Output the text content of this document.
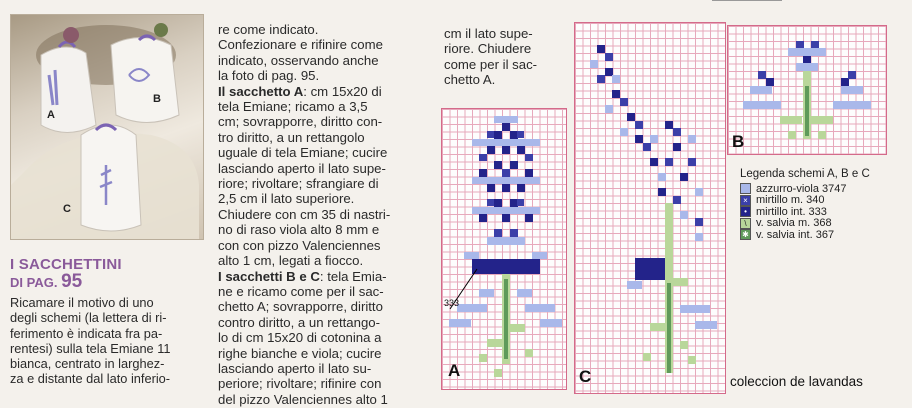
A
B
C
I SACCHETTINI
DI PAG. 95
Ricamare il motivo di uno
degli schemi (la lettera di ri-
ferimento è indicata fra pa-
rentesi) sulla tela Emiane 11
bianca, centrato in larghez-
za e distante dal lato inferio-
re come indicato.
Confezionare e rifinire come
indicato, osservando anche
la foto di pag. 95.
Il sacchetto A: cm 15x20 di
tela Emiane; ricamo a 3,5
cm; sovrapporre, diritto con-
tro diritto, a un rettangolo
uguale di tela Emiane; cucire
lasciando aperto il lato supe-
riore; rivoltare; sfrangiare di
2,5 cm il lato superiore.
Chiudere con cm 35 di nastri-
no di raso viola alto 8 mm e
con con pizzo Valenciennes
alto 1 cm, legati a fiocco.
I sacchetti B e C: tela Emia-
ne e ricamo come per il sac-
chetto A; sovrapporre, diritto
contro diritto, a un rettango-
lo di cm 15x20 di cotonina a
righe bianche e viola; cucire
lasciando aperto il lato su-
periore; rivoltare; rifinire con
del pizzo Valenciennes alto 1
cm il lato supe-
riore. Chiudere
come per il sac-
chetto A.
A
333
C
B
Legenda schemi A, B e C
azzurro-viola 3747
× mirtillo m. 340
• mirtillo int. 333
\ v. salvia m. 368
✱ v. salvia int. 367
coleccion de lavandas
